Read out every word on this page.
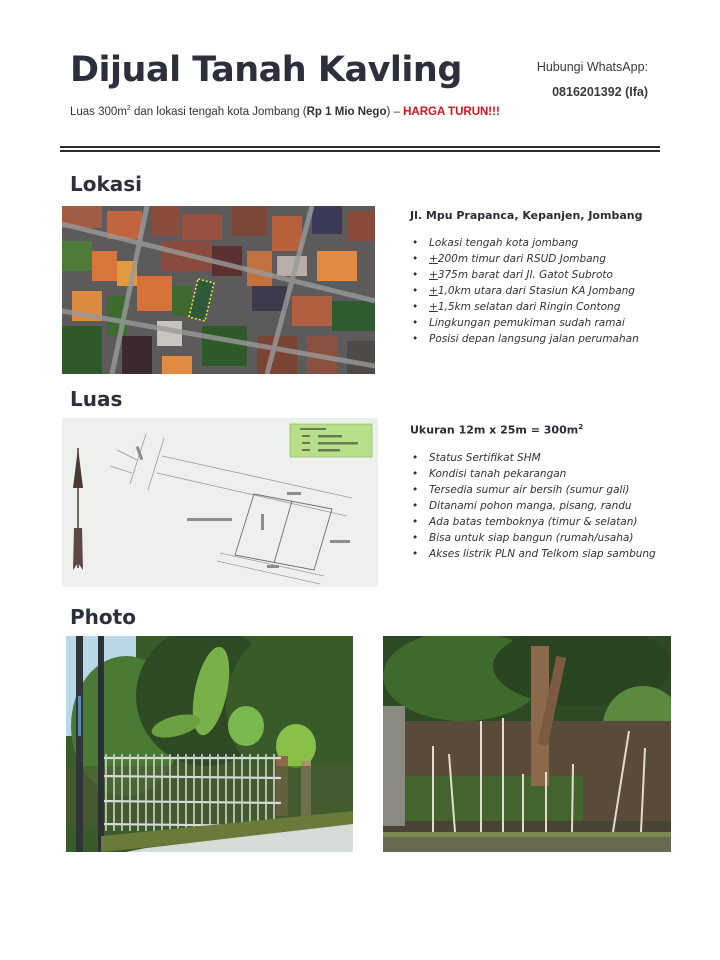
Dijual Tanah Kavling	Hubungi WhatsApp:
0816201392 (Ifa)
Luas $300m^2$ dan lokasi tengah kota Jombang (Rp 1 Mio Nego) – HARGA TURUN!!!
Lokasi
Jl. Mpu Prapanca, Kepanjen, Jombang
• Lokasi tengah kota jombang
• +200m timur dari RSUD Jombang
• +375m barat dari Jl. Gatot Subroto
• +1,0km utara dari Stasiun KA Jombang
• +1,5km selatan dari Ringin Contong
• Lingkungan pemukiman sudah ramai
• Posisi depan langsung jalan perumahan
Luas
Ukuran 12m x $25m = 300m^2$
• Status Sertifikat SHM
• Kondisi tanah pekarangan
• Tersedia sumur air bersih (sumur gali)
• Ditanami pohon manga, pisang, randu
• Ada batas temboknya (timur & selatan)
• Bisa untuk siap bangun (rumah/usaha)
• Akses listrik PLN and Telkom siap sambung
Photo
